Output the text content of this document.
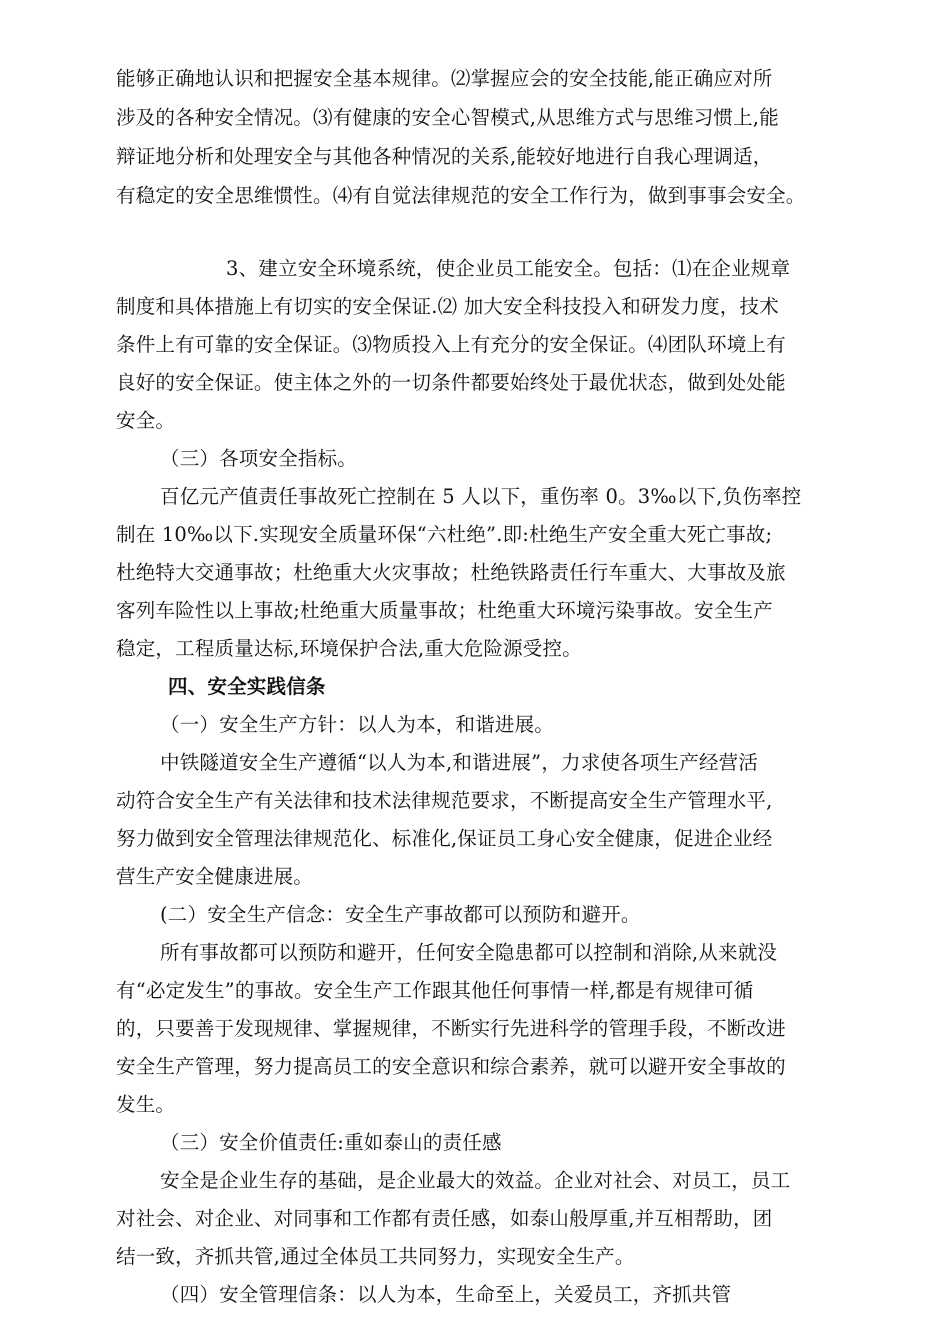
能够正确地认识和把握安全基本规律。⑵掌握应会的安全技能,能正确应对所
涉及的各种安全情况。⑶有健康的安全心智模式,从思维方式与思维习惯上,能
辩证地分析和处理安全与其他各种情况的关系,能较好地进行自我心理调适，
有稳定的安全思维惯性。⑷有自觉法律规范的安全工作行为，做到事事会安全。
3、建立安全环境系统，使企业员工能安全。包括：⑴在企业规章
制度和具体措施上有切实的安全保证.⑵ 加大安全科技投入和研发力度，技术
条件上有可靠的安全保证。⑶物质投入上有充分的安全保证。⑷团队环境上有
良好的安全保证。使主体之外的一切条件都要始终处于最优状态，做到处处能
安全。
（三）各项安全指标。
百亿元产值责任事故死亡控制在 5 人以下，重伤率 0。3‰以下,负伤率控
制在 10‰以下.实现安全质量环保“六杜绝”.即:杜绝生产安全重大死亡事故;
杜绝特大交通事故；杜绝重大火灾事故；杜绝铁路责任行车重大、大事故及旅
客列车险性以上事故;杜绝重大质量事故；杜绝重大环境污染事故。安全生产
稳定，工程质量达标,环境保护合法,重大危险源受控。
四、安全实践信条
（一）安全生产方针：以人为本，和谐进展。
中铁隧道安全生产遵循“以人为本,和谐进展”，力求使各项生产经营活
动符合安全生产有关法律和技术法律规范要求，不断提高安全生产管理水平,
努力做到安全管理法律规范化、标准化,保证员工身心安全健康，促进企业经
营生产安全健康进展。
(二）安全生产信念：安全生产事故都可以预防和避开。
所有事故都可以预防和避开，任何安全隐患都可以控制和消除,从来就没
有“必定发生”的事故。安全生产工作跟其他任何事情一样,都是有规律可循
的，只要善于发现规律、掌握规律，不断实行先进科学的管理手段，不断改进
安全生产管理，努力提高员工的安全意识和综合素养，就可以避开安全事故的
发生。
（三）安全价值责任:重如泰山的责任感
安全是企业生存的基础，是企业最大的效益。企业对社会、对员工，员工
对社会、对企业、对同事和工作都有责任感，如泰山般厚重,并互相帮助，团
结一致，齐抓共管,通过全体员工共同努力，实现安全生产。
（四）安全管理信条：以人为本，生命至上，关爱员工，齐抓共管
